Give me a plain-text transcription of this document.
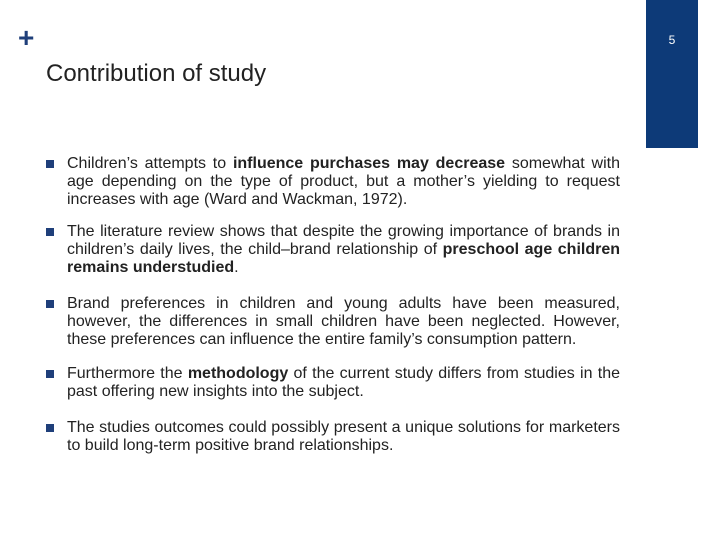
+	5
Contribution of study
Children’s attempts to influence purchases may decrease somewhat with age depending on the type of product, but a mother’s yielding to request increases with age (Ward and Wackman, 1972).
The literature review shows that despite the growing importance of brands in children’s daily lives, the child–brand relationship of preschool age children remains understudied.
Brand preferences in children and young adults have been measured, however, the differences in small children have been neglected. However, these preferences can influence the entire family’s consumption pattern.
Furthermore the methodology of the current study differs from studies in the past offering new insights into the subject.
The studies outcomes could possibly present a unique solutions for marketers to build long-term positive brand relationships.
